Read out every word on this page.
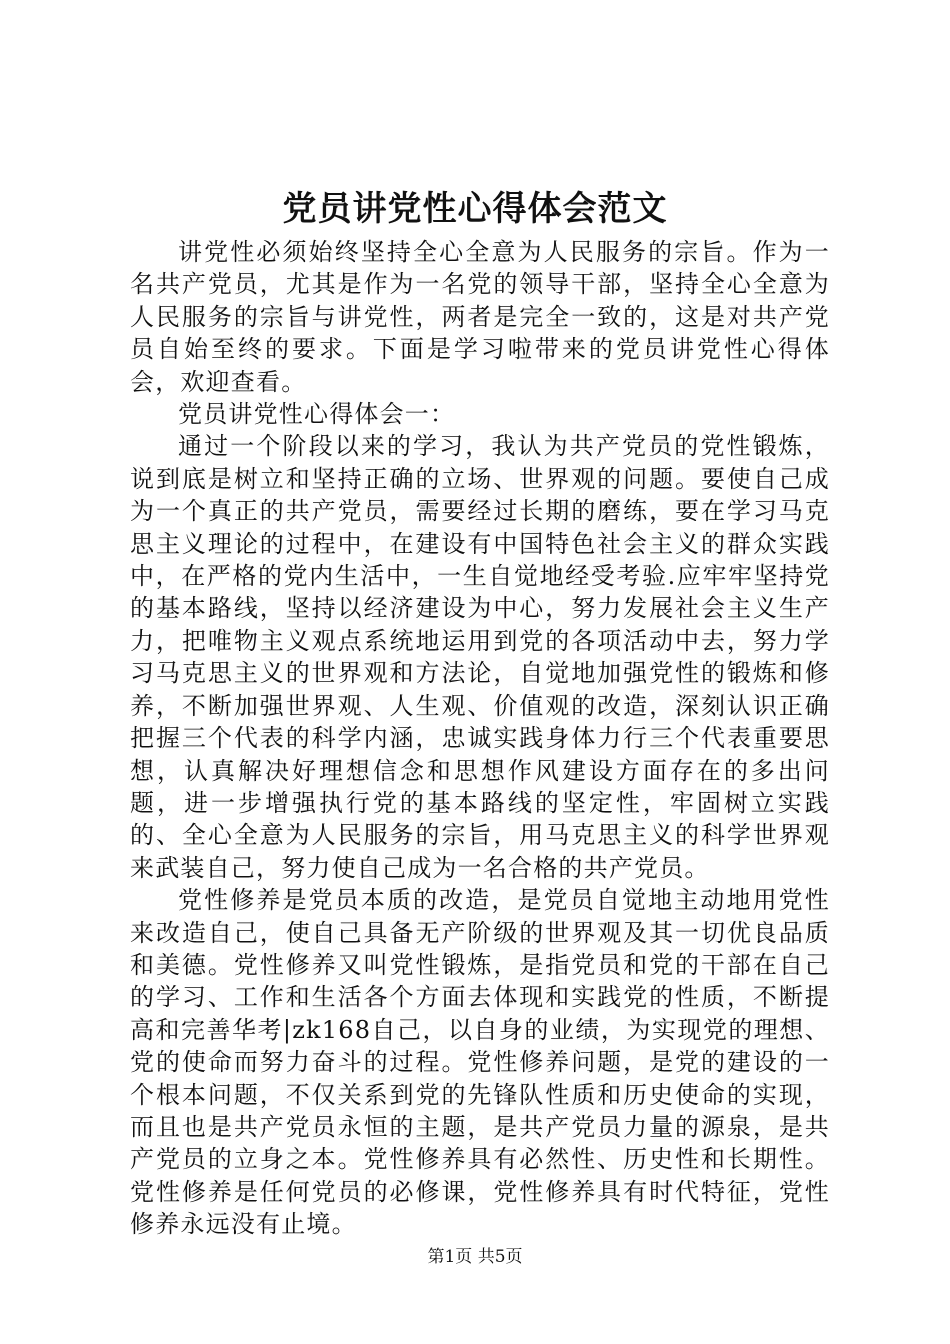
党员讲党性心得体会范文

讲党性必须始终坚持全心全意为人民服务的宗旨。作为一名共产党员，尤其是作为一名党的领导干部，坚持全心全意为人民服务的宗旨与讲党性，两者是完全一致的，这是对共产党员自始至终的要求。下面是学习啦带来的党员讲党性心得体会，欢迎查看。

党员讲党性心得体会一：

通过一个阶段以来的学习，我认为共产党员的党性锻炼，说到底是树立和坚持正确的立场、世界观的问题。要使自己成为一个真正的共产党员，需要经过长期的磨练，要在学习马克思主义理论的过程中，在建设有中国特色社会主义的群众实践中，在严格的党内生活中，一生自觉地经受考验.应牢牢坚持党的基本路线，坚持以经济建设为中心，努力发展社会主义生产力，把唯物主义观点系统地运用到党的各项活动中去，努力学习马克思主义的世界观和方法论，自觉地加强党性的锻炼和修养，不断加强世界观、人生观、价值观的改造，深刻认识正确把握三个代表的科学内涵，忠诚实践身体力行三个代表重要思想，认真解决好理想信念和思想作风建设方面存在的多出问题，进一步增强执行党的基本路线的坚定性，牢固树立实践的、全心全意为人民服务的宗旨，用马克思主义的科学世界观来武装自己，努力使自己成为一名合格的共产党员。

党性修养是党员本质的改造，是党员自觉地主动地用党性来改造自己，使自己具备无产阶级的世界观及其一切优良品质和美德。党性修养又叫党性锻炼，是指党员和党的干部在自己的学习、工作和生活各个方面去体现和实践党的性质，不断提高和完善华考|zk168自己，以自身的业绩，为实现党的理想、党的使命而努力奋斗的过程。党性修养问题，是党的建设的一个根本问题，不仅关系到党的先锋队性质和历史使命的实现，而且也是共产党员永恒的主题，是共产党员力量的源泉，是共产党员的立身之本。党性修养具有必然性、历史性和长期性。党性修养是任何党员的必修课，党性修养具有时代特征，党性修养永远没有止境。

第1页 共5页
